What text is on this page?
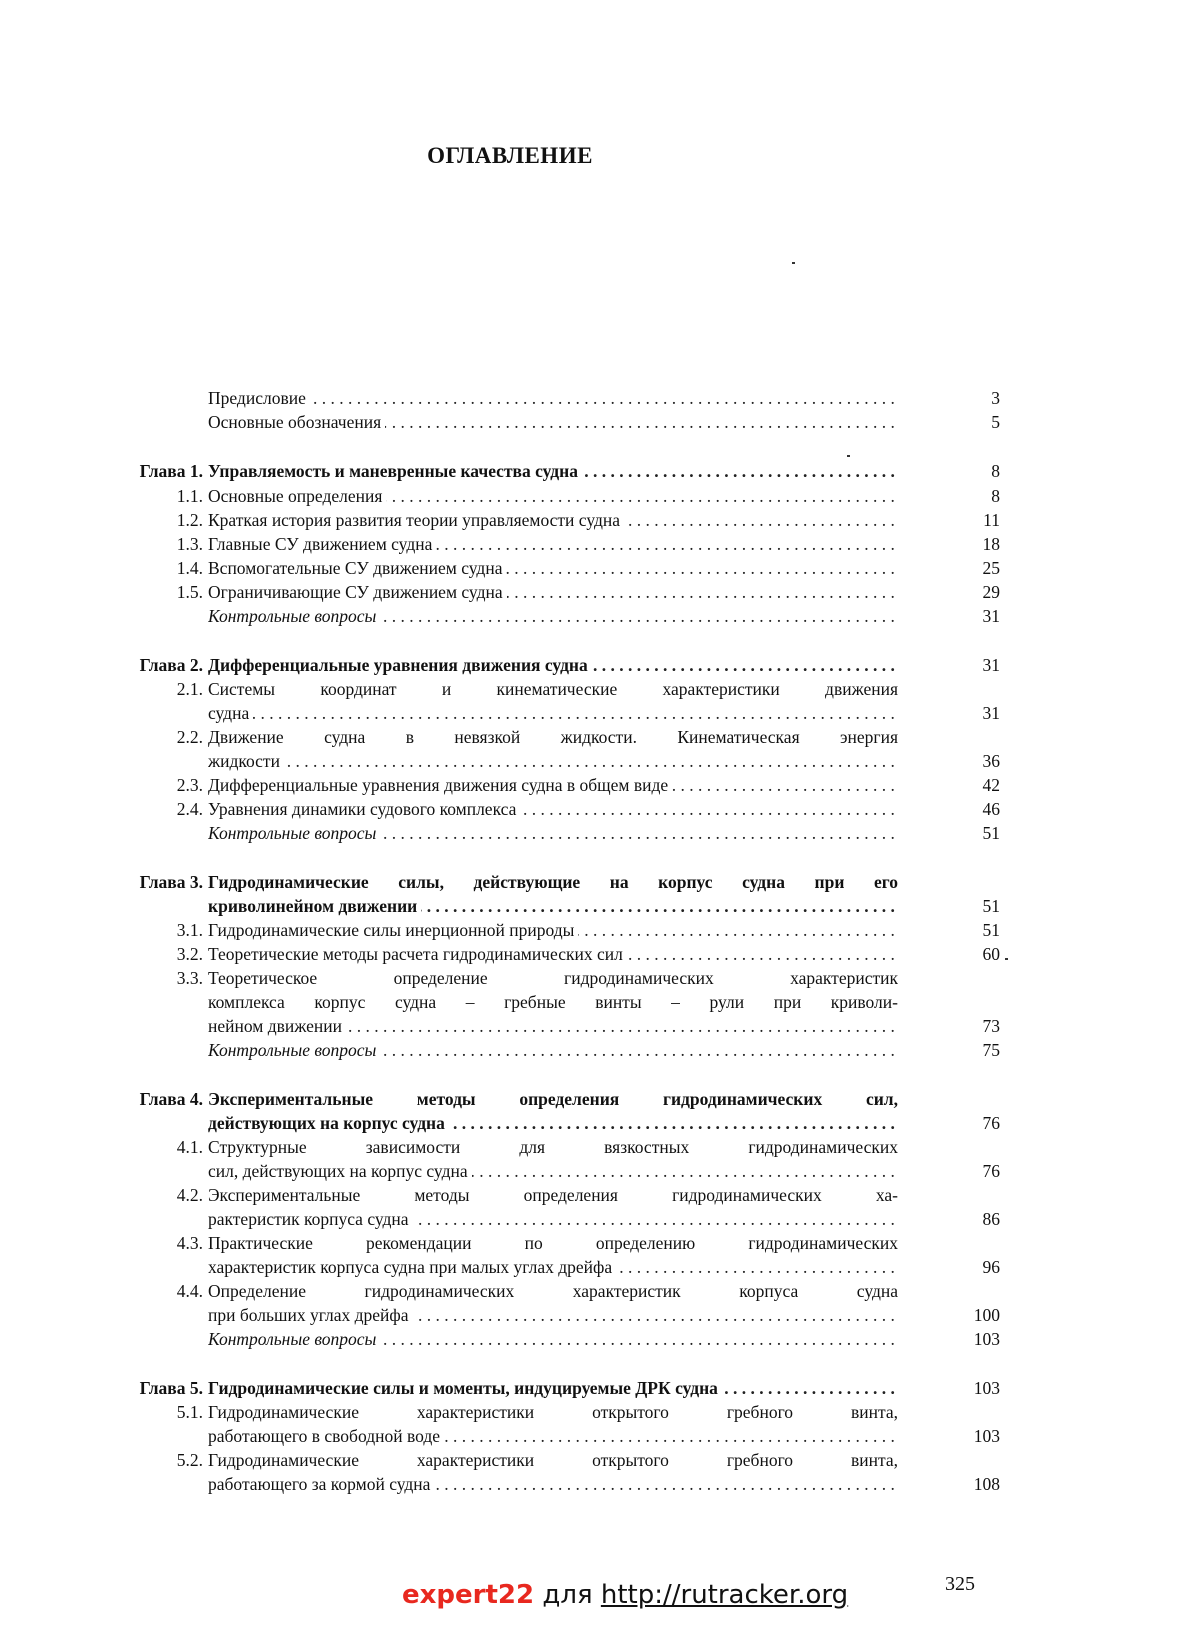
ОГЛАВЛЕНИЕ
Предисловие . . .	3
Основные обозначения . . .	5
Глава 1. Управляемость и маневренные качества судна . . .	8
1.1. Основные определения . . .	8
1.2. Краткая история развития теории управляемости судна . . .	11
1.3. Главные СУ движением судна . . .	18
1.4. Вспомогательные СУ движением судна . . .	25
1.5. Ограничивающие СУ движением судна . . .	29
Контрольные вопросы . . .	31
Глава 2. Дифференциальные уравнения движения судна . . .	31
2.1. Системы координат и кинематические характеристики движения
судна . . .	31
2.2. Движение судна в невязкой жидкости. Кинематическая энергия
жидкости . . .	36
2.3. Дифференциальные уравнения движения судна в общем виде . . .	42
2.4. Уравнения динамики судового комплекса . . .	46
Контрольные вопросы . . .	51
Глава 3. Гидродинамические силы, действующие на корпус судна при его
криволинейном движении . . .	51
3.1. Гидродинамические силы инерционной природы . . .	51
3.2. Теоретические методы расчета гидродинамических сил . . .	60
3.3. Теоретическое определение гидродинамических характеристик
комплекса корпус судна – гребные винты – рули при криволи-
нейном движении . . .	73
Контрольные вопросы . . .	75
Глава 4. Экспериментальные методы определения гидродинамических сил,
действующих на корпус судна . . .	76
4.1. Структурные зависимости для вязкостных гидродинамических
сил, действующих на корпус судна . . .	76
4.2. Экспериментальные методы определения гидродинамических ха-
рактеристик корпуса судна . . .	86
4.3. Практические рекомендации по определению гидродинамических
характеристик корпуса судна при малых углах дрейфа . . .	96
4.4. Определение гидродинамических характеристик корпуса судна
при больших углах дрейфа . . .	100
Контрольные вопросы . . .	103
Глава 5. Гидродинамические силы и моменты, индуцируемые ДРК судна . . .	103
5.1. Гидродинамические характеристики открытого гребного винта,
работающего в свободной воде . . .	103
5.2. Гидродинамические характеристики открытого гребного винта,
работающего за кормой судна . . .	108
325
expert22 для http://rutracker.org
